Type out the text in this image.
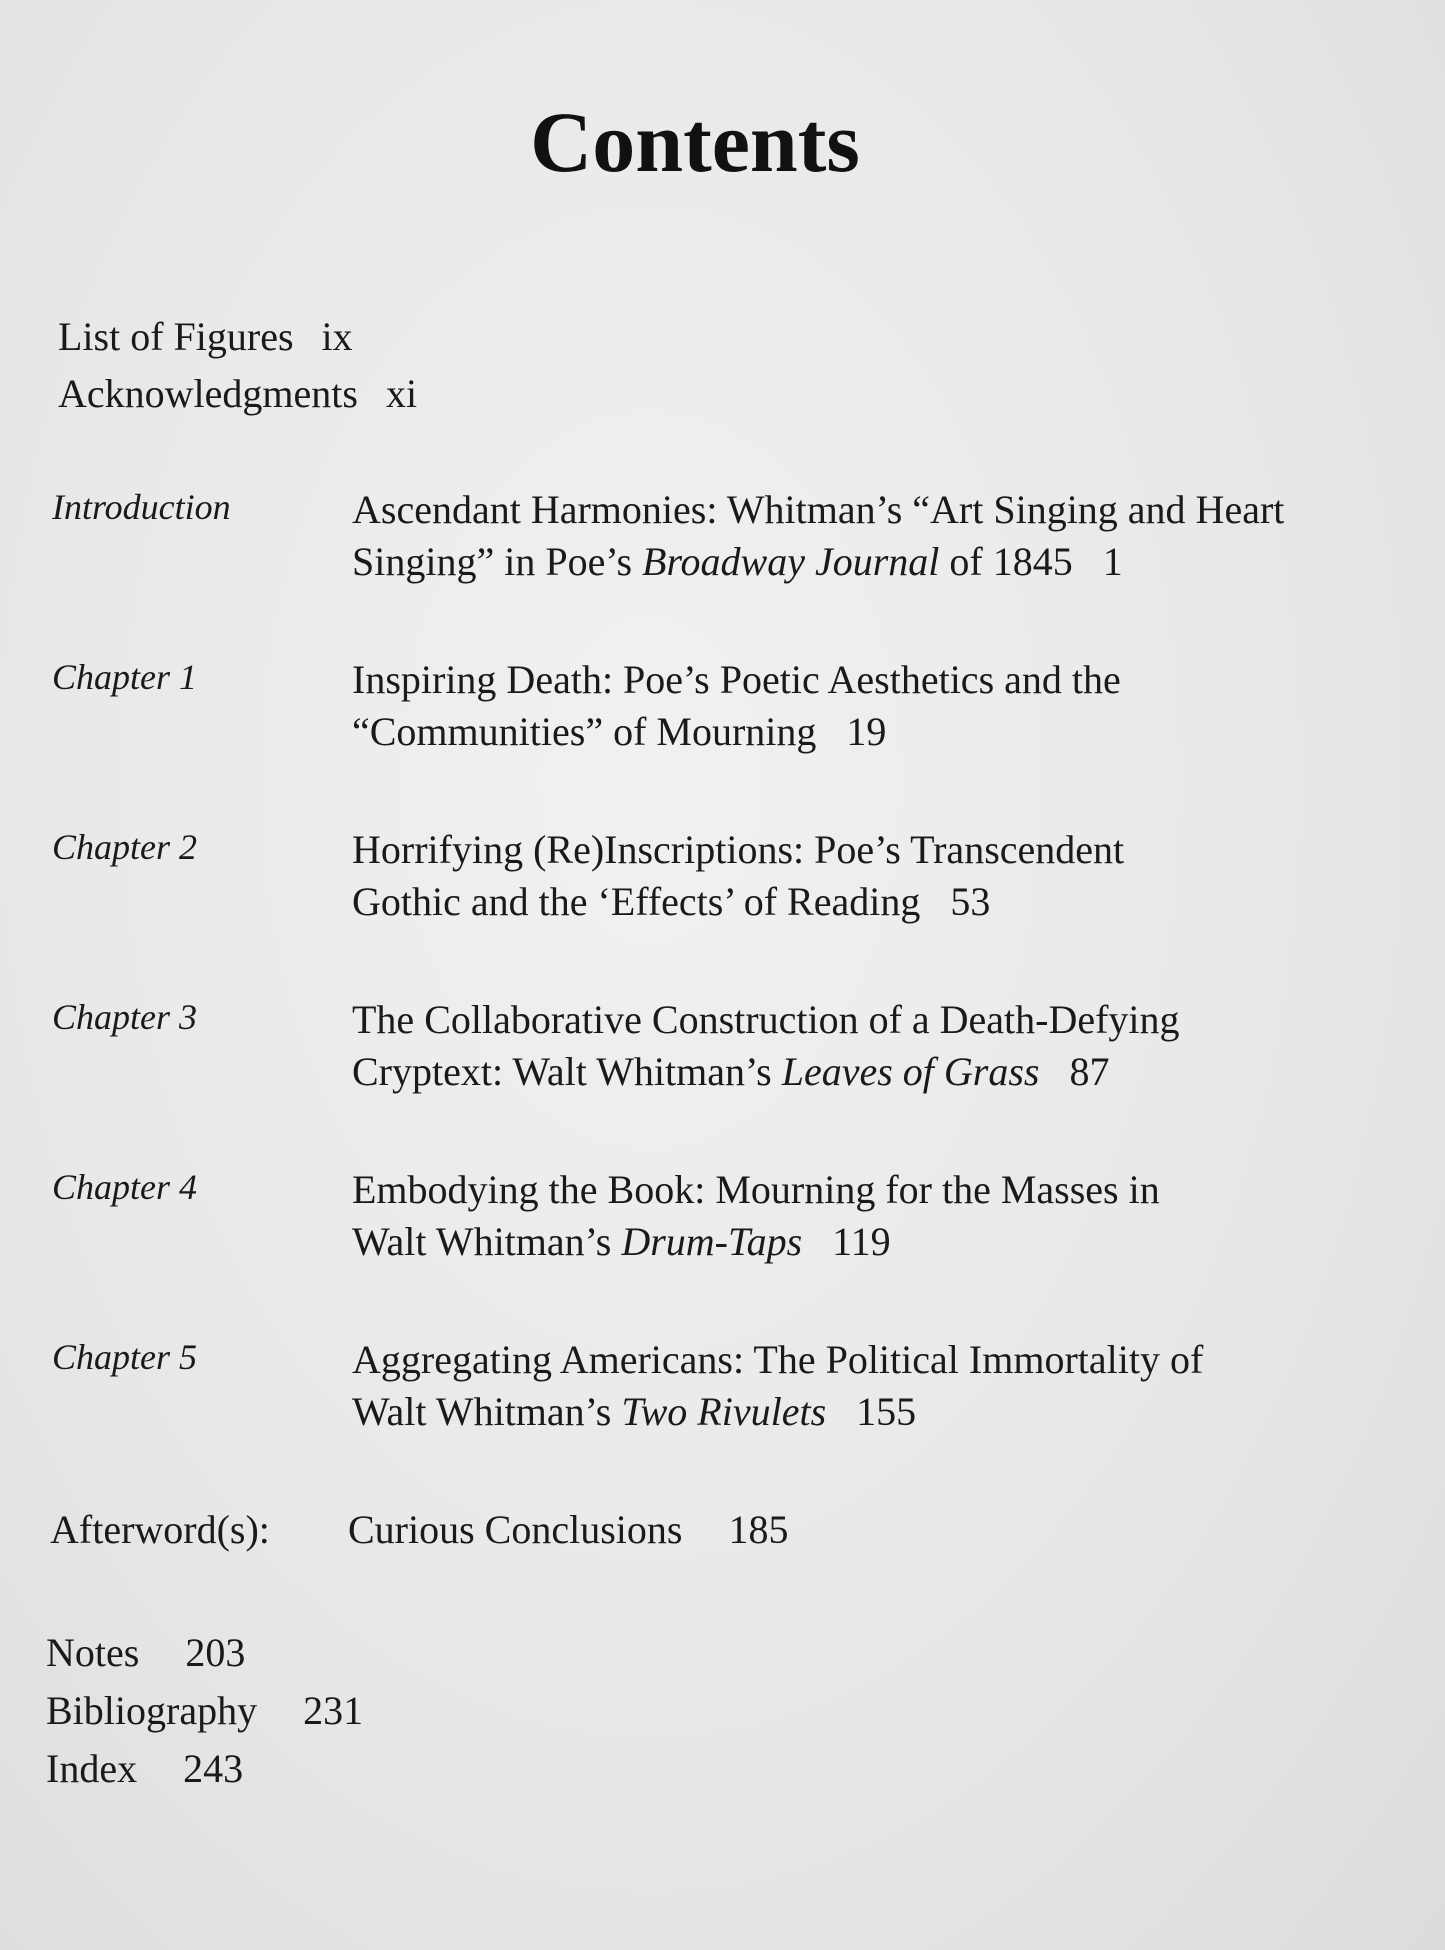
Contents
List of Figures ix
Acknowledgments xi
Introduction	Ascendant Harmonies: Whitman’s “Art Singing and Heart
Singing” in Poe’s Broadway Journal of 1845 1
Chapter 1	Inspiring Death: Poe’s Poetic Aesthetics and the
“Communities” of Mourning 19
Chapter 2	Horrifying (Re)Inscriptions: Poe’s Transcendent
Gothic and the ‘Effects’ of Reading 53
Chapter 3	The Collaborative Construction of a Death-Defying
Cryptext: Walt Whitman’s Leaves of Grass 87
Chapter 4	Embodying the Book: Mourning for the Masses in
Walt Whitman’s Drum-Taps 119
Chapter 5	Aggregating Americans: The Political Immortality of
Walt Whitman’s Two Rivulets 155
Afterword(s): Curious Conclusions 185
Notes 203
Bibliography 231
Index 243
